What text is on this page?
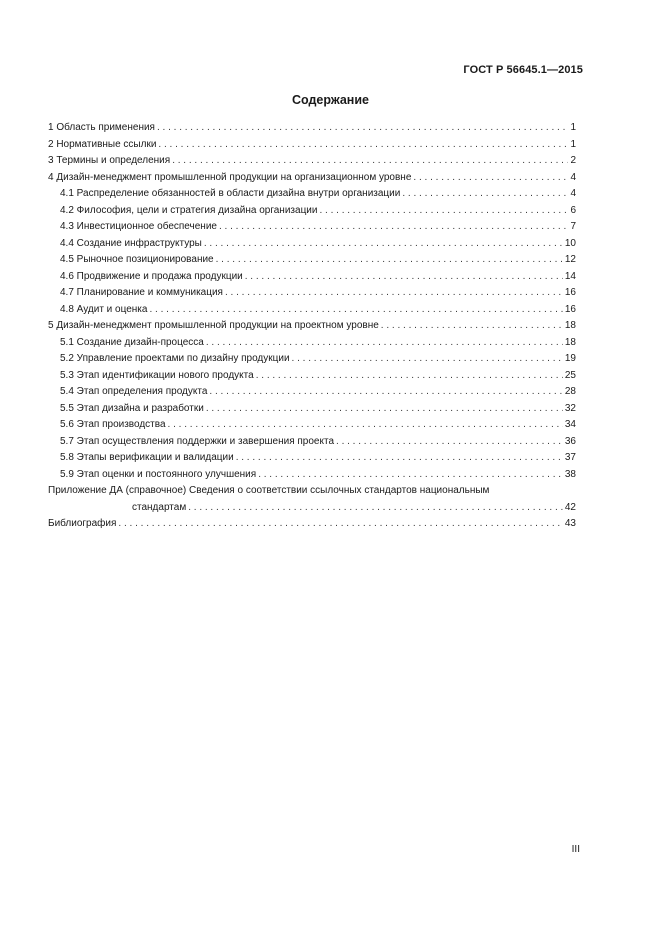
ГОСТ Р 56645.1—2015
Содержание
1 Область применения . . .	1
2 Нормативные ссылки . . .	1
3 Термины и определения . . .	2
4 Дизайн-менеджмент промышленной продукции на организационном уровне . . .	4
4.1 Распределение обязанностей в области дизайна внутри организации . . .	4
4.2 Философия, цели и стратегия дизайна организации . . .	6
4.3 Инвестиционное обеспечение . . .	7
4.4 Создание инфраструктуры . . .	10
4.5 Рыночное позиционирование . . .	12
4.6 Продвижение и продажа продукции . . .	14
4.7 Планирование и коммуникация . . .	16
4.8 Аудит и оценка . . .	16
5 Дизайн-менеджмент промышленной продукции на проектном уровне . . .	18
5.1 Создание дизайн-процесса . . .	18
5.2 Управление проектами по дизайну продукции . . .	19
5.3 Этап идентификации нового продукта . . .	25
5.4 Этап определения продукта . . .	28
5.5 Этап дизайна и разработки . . .	32
5.6 Этап производства . . .	34
5.7 Этап осуществления поддержки и завершения проекта . . .	36
5.8 Этапы верификации и валидации . . .	37
5.9 Этап оценки и постоянного улучшения . . .	38
Приложение ДА (справочное) Сведения о соответствии ссылочных стандартов национальным
стандартам . . .	42
Библиография . . .	43
III
